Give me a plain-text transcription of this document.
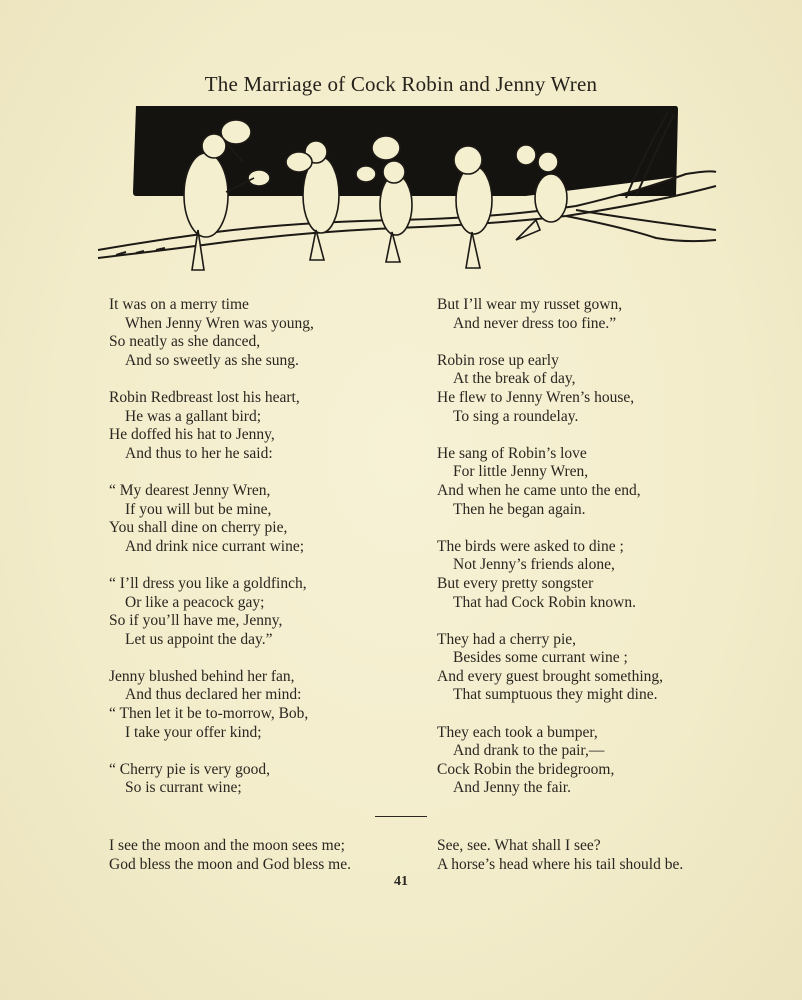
The Marriage of Cock Robin and Jenny Wren
It was on a merry time
When Jenny Wren was young,
So neatly as she danced,
And so sweetly as she sung.
Robin Redbreast lost his heart,
He was a gallant bird;
He doffed his hat to Jenny,
And thus to her he said:
“ My dearest Jenny Wren,
If you will but be mine,
You shall dine on cherry pie,
And drink nice currant wine;
“ I’ll dress you like a goldfinch,
Or like a peacock gay;
So if you’ll have me, Jenny,
Let us appoint the day.”
Jenny blushed behind her fan,
And thus declared her mind:
“ Then let it be to-morrow, Bob,
I take your offer kind;
“ Cherry pie is very good,
So is currant wine;
But I’ll wear my russet gown,
And never dress too fine.”
Robin rose up early
At the break of day,
He flew to Jenny Wren’s house,
To sing a roundelay.
He sang of Robin’s love
For little Jenny Wren,
And when he came unto the end,
Then he began again.
The birds were asked to dine ;
Not Jenny’s friends alone,
But every pretty songster
That had Cock Robin known.
They had a cherry pie,
Besides some currant wine ;
And every guest brought something,
That sumptuous they might dine.
They each took a bumper,
And drank to the pair,—
Cock Robin the bridegroom,
And Jenny the fair.
I see the moon and the moon sees me;
God bless the moon and God bless me.
See, see. What shall I see?
A horse’s head where his tail should be.
41
